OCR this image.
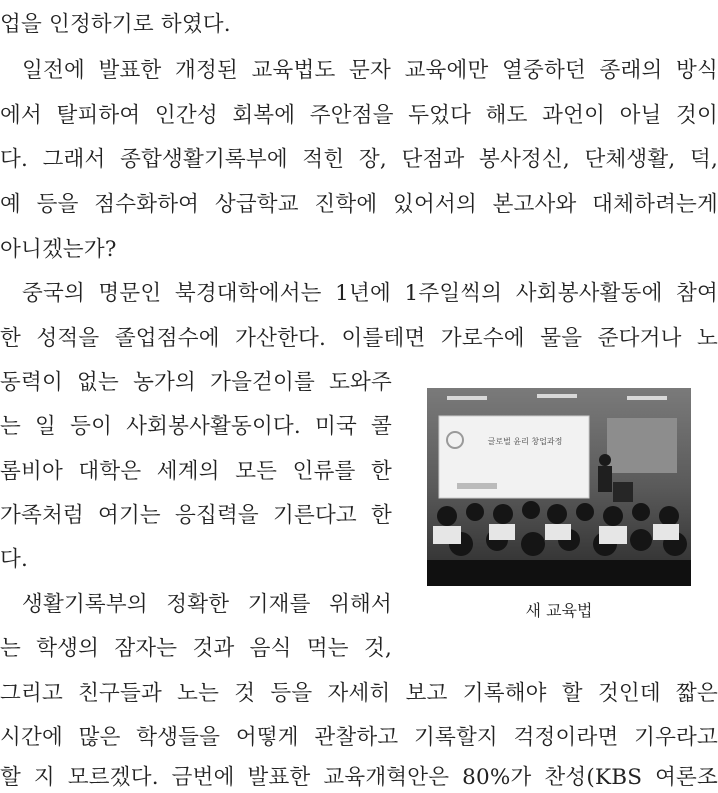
업을 인정하기로 하였다.
일전에 발표한 개정된 교육법도 문자 교육에만 열중하던 종래의 방식
에서 탈피하여 인간성 회복에 주안점을 두었다 해도 과언이 아닐 것이
다. 그래서 종합생활기록부에 적힌 장, 단점과 봉사정신, 단체생활, 덕,
예 등을 점수화하여 상급학교 진학에 있어서의 본고사와 대체하려는게
아니겠는가?
중국의 명문인 북경대학에서는 1년에 1주일씩의 사회봉사활동에 참여
한 성적을 졸업점수에 가산한다. 이를테면 가로수에 물을 준다거나 노
동력이 없는 농가의 가을걷이를 도와주
는 일 등이 사회봉사활동이다. 미국 콜
롬비아 대학은 세계의 모든 인류를 한
가족처럼 여기는 응집력을 기른다고 한
다.
생활기록부의 정확한 기재를 위해서
는 학생의 잠자는 것과 음식 먹는 것,
그리고 친구들과 노는 것 등을 자세히 보고 기록해야 할 것인데 짧은
시간에 많은 학생들을 어떻게 관찰하고 기록할지 걱정이라면 기우라고
할 지 모르겠다. 금번에 발표한 교육개혁안은 80%가 찬성(KBS 여론조
글로벌 윤리 창업과정
새 교육법
